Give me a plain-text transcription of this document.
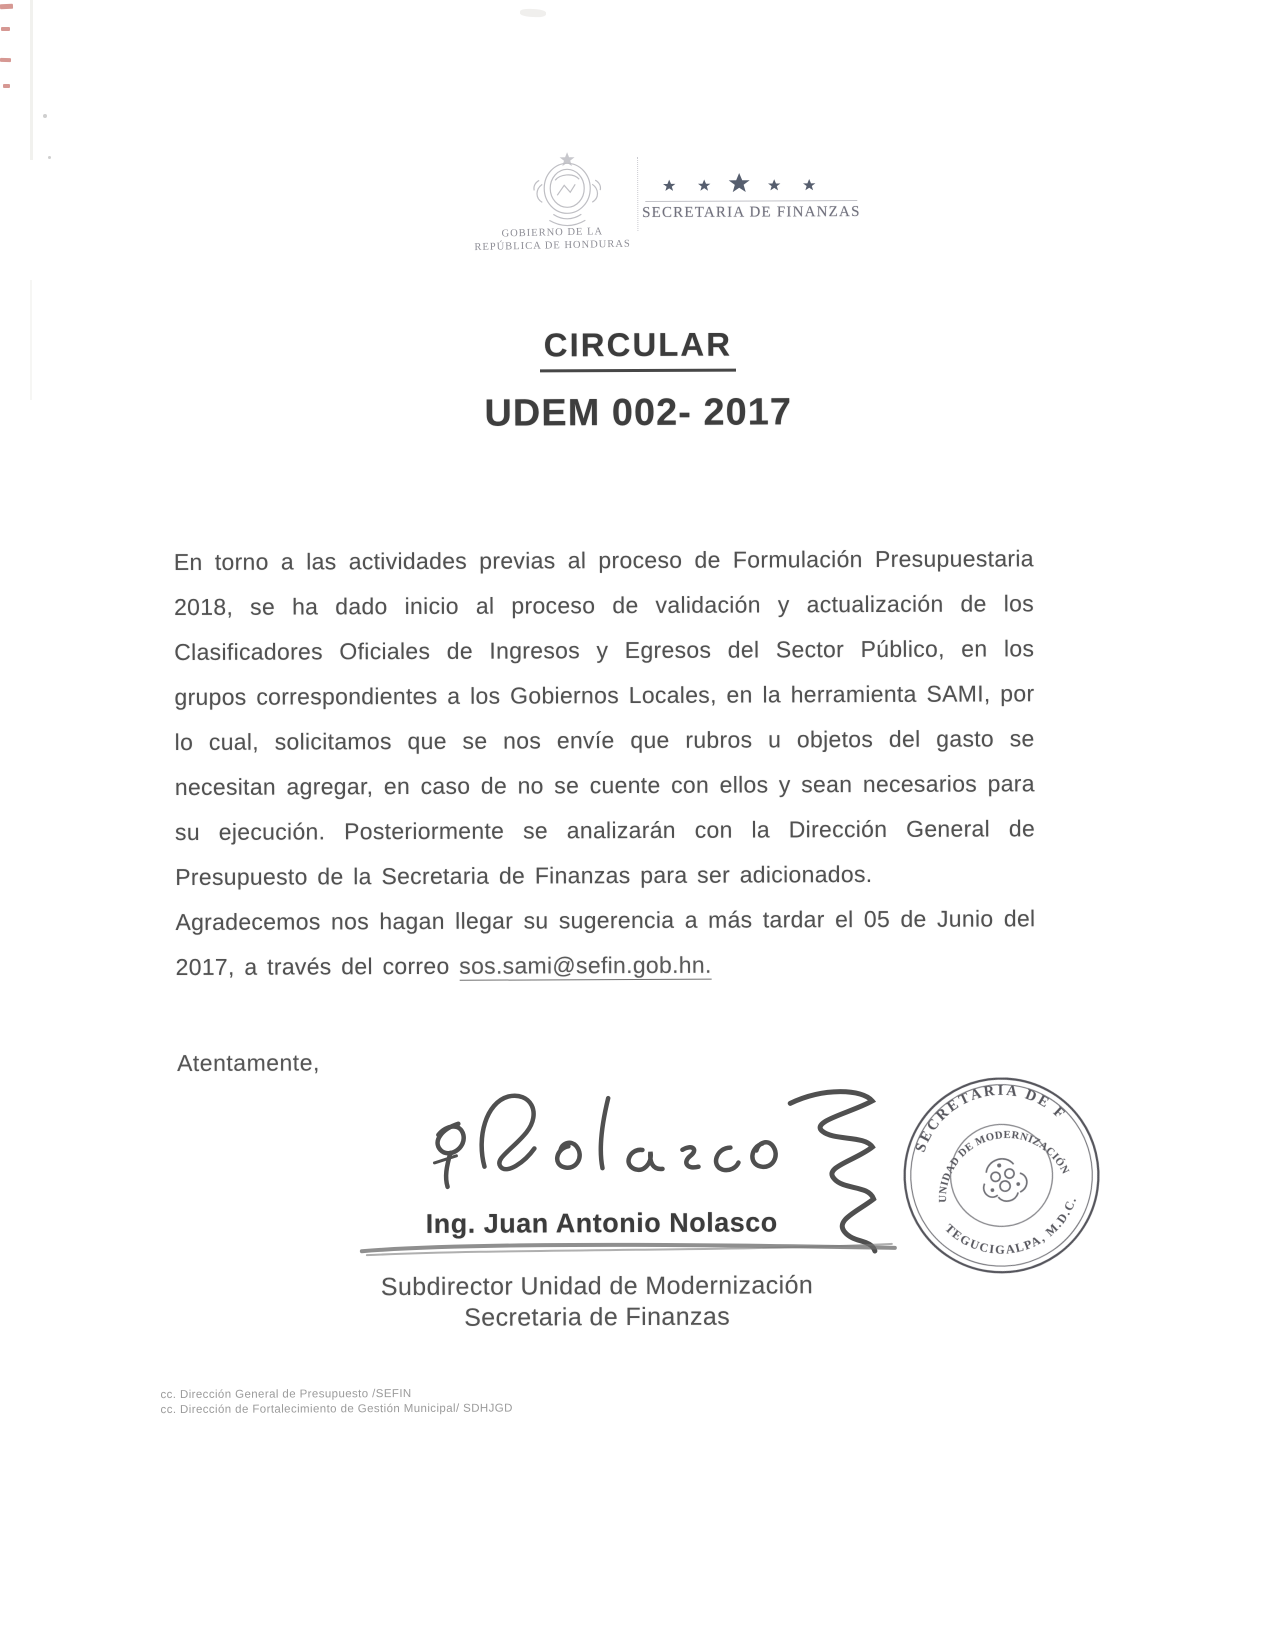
GOBIERNO DE LA
REPÚBLICA DE HONDURAS
SECRETARIA DE FINANZAS
CIRCULAR
UDEM 002- 2017

En torno a las actividades previas al proceso de Formulación Presupuestaria 2018, se ha dado inicio al proceso de validación y actualización de los Clasificadores Oficiales de Ingresos y Egresos del Sector Público, en los grupos correspondientes a los Gobiernos Locales, en la herramienta SAMI, por lo cual, solicitamos que se nos envíe que rubros u objetos del gasto se necesitan agregar, en caso de no se cuente con ellos y sean necesarios para su ejecución. Posteriormente se analizarán con la Dirección General de Presupuesto de la Secretaria de Finanzas para ser adicionados.

Agradecemos nos hagan llegar su sugerencia a más tardar el 05 de Junio del 2017, a través del correo sos.sami@sefin.gob.hn.

Atentamente,
Ing. Juan Antonio Nolasco
Subdirector Unidad de Modernización
Secretaria de Finanzas
SECRETARIA DE F
UNIDAD DE MODERNIZACIÓN
TEGUCIGALPA, M.D.C.
cc. Dirección General de Presupuesto /SEFIN
cc. Dirección de Fortalecimiento de Gestión Municipal/ SDHJGD
